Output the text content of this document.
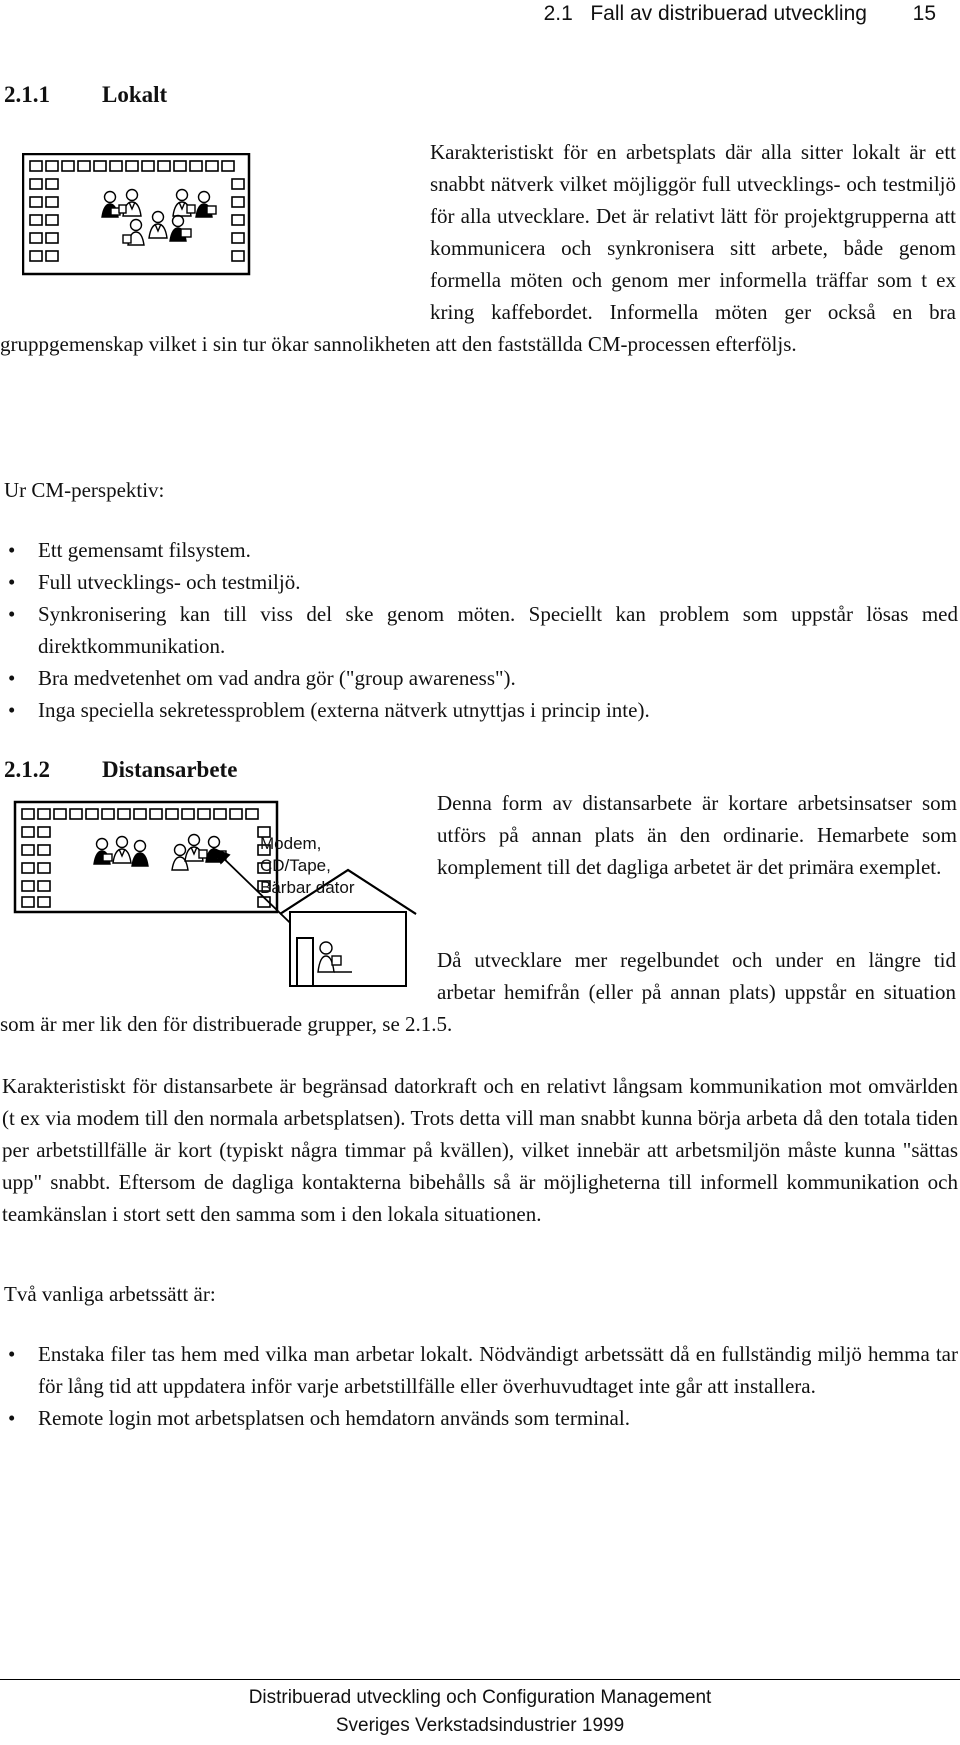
2.1 Fall av distribuerad utveckling 15
2.1.1 Lokalt

Karakteristiskt för en arbetsplats där alla sitter lokalt är ett snabbt nätverk vilket möjliggör full utvecklings- och testmiljö för alla utvecklare. Det är relativt lätt för projektgrupperna att kommunicera och synkronisera sitt arbete, både genom formella möten och genom mer informella träffar som t ex kring kaffebordet. Informella möten ger också en bra gruppgemenskap vilket i sin tur ökar sannolikheten att den fastställda CM-processen efterföljs.

Ur CM-perspektiv:
• Ett gemensamt filsystem.
• Full utvecklings- och testmiljö.
• Synkronisering kan till viss del ske genom möten. Speciellt kan problem som uppstår lösas med direktkommunikation.
• Bra medvetenhet om vad andra gör ("group awareness").
• Inga speciella sekretessproblem (externa nätverk utnyttjas i princip inte).
2.1.2 Distansarbete
Modem,
CD/Tape,
Bärbar dator
Denna form av distansarbete är kortare arbetsinsatser som utförs på annan plats än den ordinarie. Hemarbete som komplement till det dagliga arbetet är det primära exemplet.

Då utvecklare mer regelbundet och under en längre tid arbetar hemifrån (eller på annan plats) uppstår en situation som är mer lik den för distribuerade grupper, se 2.1.5.

Karakteristiskt för distansarbete är begränsad datorkraft och en relativt långsam kommunikation mot omvärlden (t ex via modem till den normala arbetsplatsen). Trots detta vill man snabbt kunna börja arbeta då den totala tiden per arbetstillfälle är kort (typiskt några timmar på kvällen), vilket innebär att arbetsmiljön måste kunna "sättas upp" snabbt. Eftersom de dagliga kontakterna bibehålls så är möjligheterna till informell kommunikation och teamkänslan i stort sett den samma som i den lokala situationen.
Två vanliga arbetssätt är:
• Enstaka filer tas hem med vilka man arbetar lokalt. Nödvändigt arbetssätt då en fullständig miljö hemma tar för lång tid att uppdatera inför varje arbetstillfälle eller överhuvudtaget inte går att installera.
• Remote login mot arbetsplatsen och hemdatorn används som terminal.
Distribuerad utveckling och Configuration Management
Sveriges Verkstadsindustrier 1999
